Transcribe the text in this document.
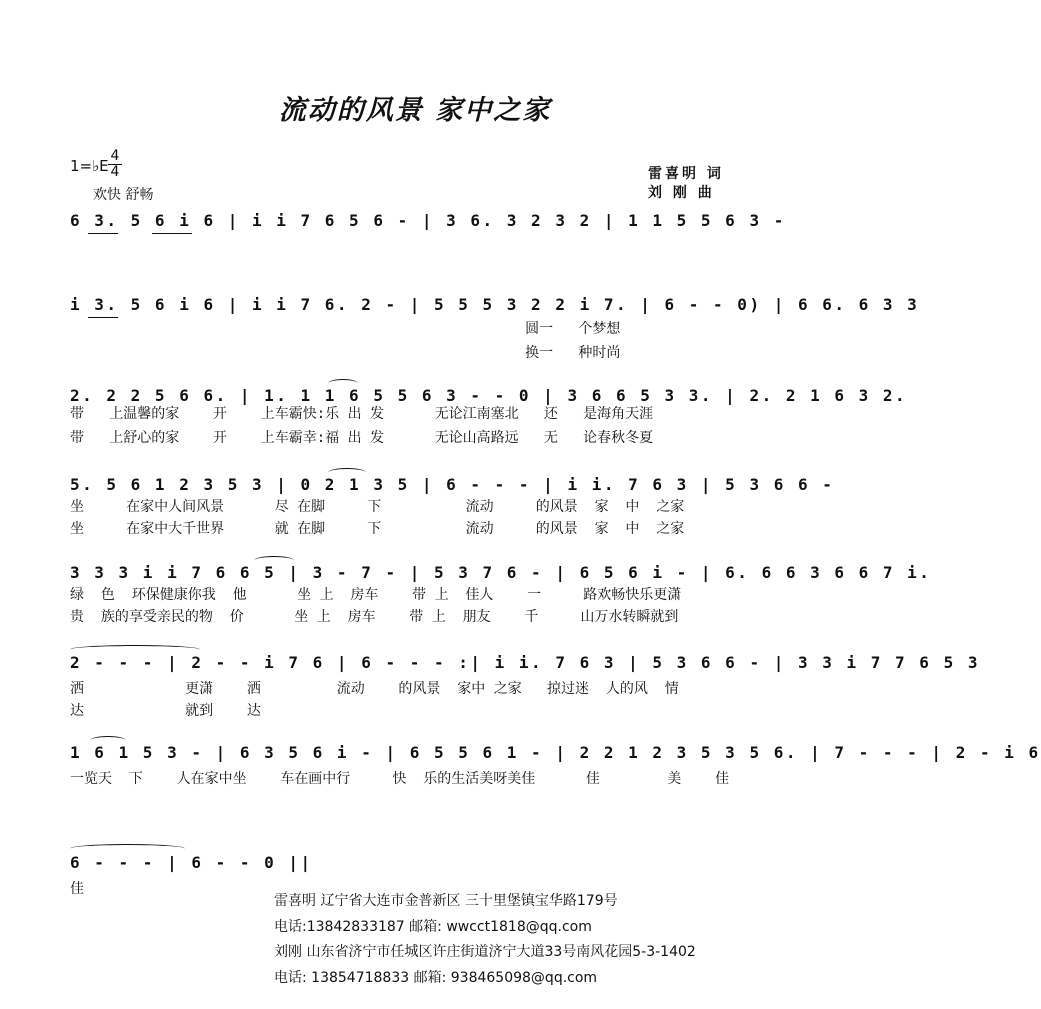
流动的风景 家中之家
1=♭E
4
4
欢快 舒畅
雷喜明 词
刘 刚 曲
6 3. 5 6 i 6 | i i 7 6 5 6 - | 3 6. 3 2 3 2 | 1 1 5 5 6 3 -
i 3. 5 6 i 6 | i i 7 6. 2 - | 5 5 5 3 2 2 i 7. | 6 - - 0) | 6 6. 6 3 3
圆一   个梦想
换一   种时尚
2. 2 2 5 6 6. | 1. 1 1 6 5 5 6 3 - - 0 | 3 6 6 5 3 3. | 2. 2 1 6 3 2.
带   上温馨的家    开    上车霸快:乐 出 发      无论江南塞北   还   是海角天涯
带   上舒心的家    开    上车霸幸:福 出 发      无论山高路远   无   论春秋冬夏
5. 5 6 1 2 3 5 3 | 0 2 1 3 5 | 6 - - - | i i. 7 6 3 | 5 3 6 6 -
坐     在家中人间风景      尽 在脚     下          流动     的风景  家  中  之家
坐     在家中大千世界      就 在脚     下          流动     的风景  家  中  之家
3 3 3 i i 7 6 6 5 | 3 - 7 - | 5 3 7 6 - | 6 5 6 i - | 6. 6 6 3 6 6 7 i.
绿  色  环保健康你我  他      坐 上  房车    带 上  佳人    一     路欢畅快乐更潇
贵  族的享受亲民的物  价      坐 上  房车    带 上  朋友    千     山万水转瞬就到
2 - - - | 2 - - i 7 6 | 6 - - - :| i i. 7 6 3 | 5 3 6 6 - | 3 3 i 7 7 6 5 3
洒            更潇    洒         流动    的风景  家中 之家   掠过迷  人的风  情
达            就到    达
1 6 1 5 3 - | 6 3 5 6 i - | 6 5 5 6 1 - | 2 2 1 2 3 5 3 5 6. | 7 - - - | 2 - i 6
一览天  下    人在家中坐    车在画中行     快  乐的生活美呀美佳      佳        美    佳
6 - - - | 6 - - 0 ||
佳
雷喜明 辽宁省大连市金普新区 三十里堡镇宝华路179号
电话:13842833187 邮箱: wwcct1818@qq.com
刘刚 山东省济宁市任城区许庄街道济宁大道33号南风花园5-3-1402
电话: 13854718833 邮箱: 938465098@qq.com
